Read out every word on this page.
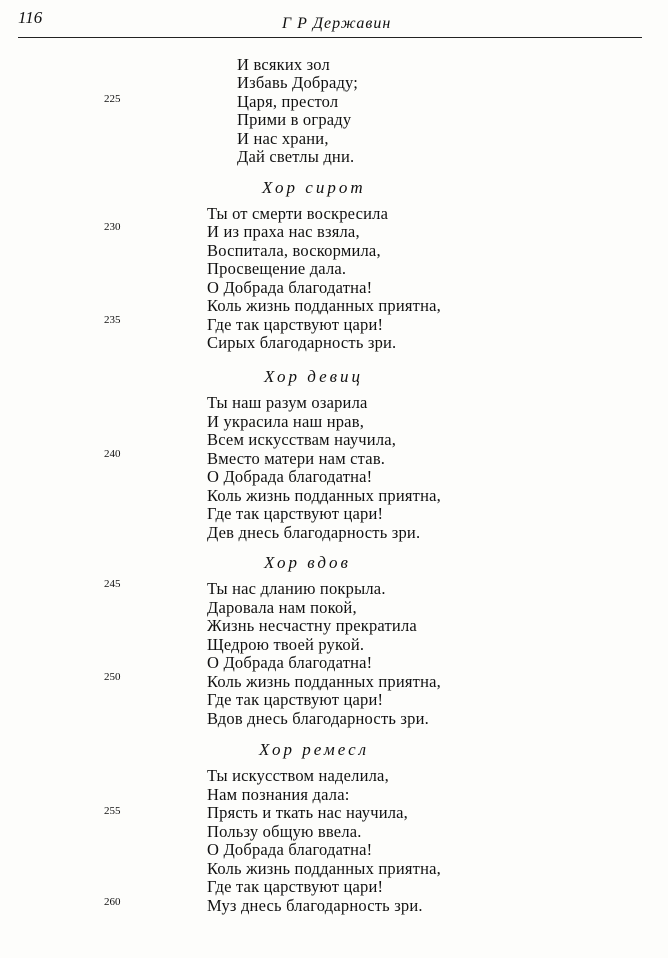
116	Г Р Державин
И всяких зол
Избавь Добраду;
Царя, престол
Прими в ограду
И нас храни,
Дай светлы дни.
225
Хор сирот
Ты от смерти воскресила
И из праха нас взяла,
Воспитала, воскормила,
Просвещение дала.
О Добрада благодатна!
Коль жизнь подданных приятна,
Где так царствуют цари!
Сирых благодарность зри.
230
235
Хор девиц
Ты наш разум озарила
И украсила наш нрав,
Всем искусствам научила,
Вместо матери нам став.
О Добрада благодатна!
Коль жизнь подданных приятна,
Где так царствуют цари!
Дев днесь благодарность зри.
240
Хор вдов
Ты нас дланию покрыла.
Даровала нам покой,
Жизнь несчастну прекратила
Щедрою твоей рукой.
О Добрада благодатна!
Коль жизнь подданных приятна,
Где так царствуют цари!
Вдов днесь благодарность зри.
245
250
Хор ремесл
Ты искусством наделила,
Нам познания дала:
Прясть и ткать нас научила,
Пользу общую ввела.
О Добрада благодатна!
Коль жизнь подданных приятна,
Где так царствуют цари!
Муз днесь благодарность зри.
255
260
